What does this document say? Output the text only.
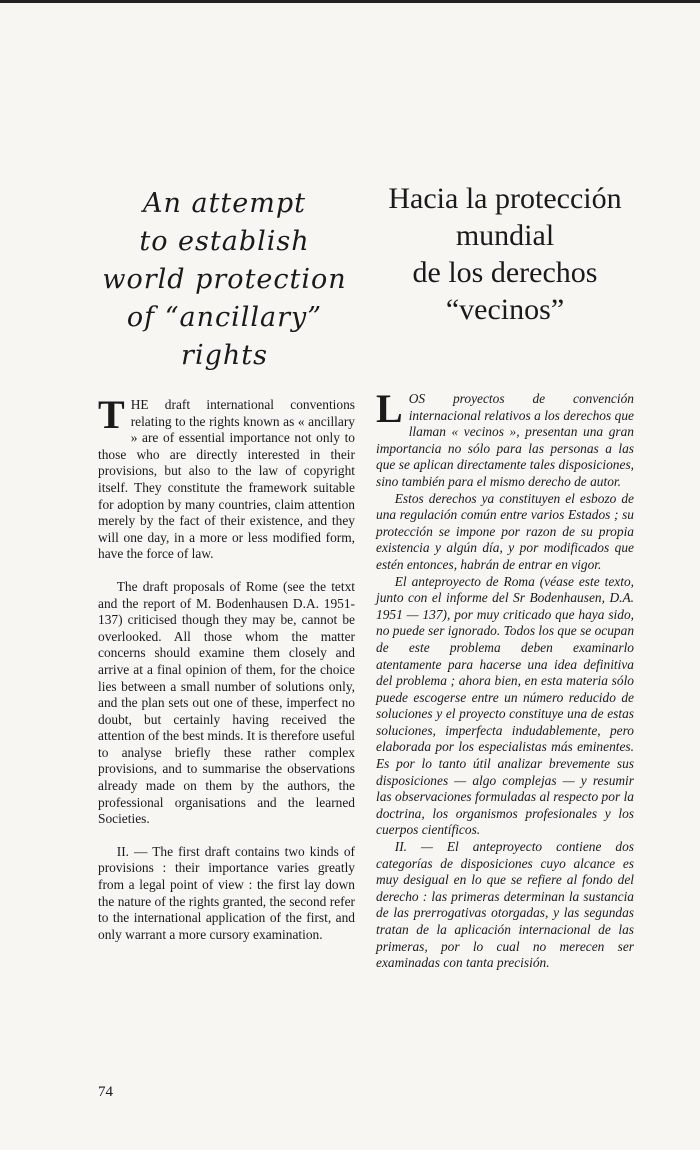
An attempt
to establish
world protection
of “ancillary” rights
Hacia la protección
mundial
de los derechos
“vecinos”

T HE draft international conventions relating to the rights known as « ancillary » are of essential importance not only to those who are directly interested in their provisions, but also to the law of copyright itself. They constitute the framework suitable for adoption by many countries, claim attention merely by the fact of their existence, and they will one day, in a more or less modified form, have the force of law.

The draft proposals of Rome (see the tetxt and the report of M. Bodenhausen D.A. 1951-137) criticised though they may be, cannot be overlooked. All those whom the matter concerns should examine them closely and arrive at a final opinion of them, for the choice lies between a small number of solutions only, and the plan sets out one of these, imperfect no doubt, but certainly having received the attention of the best minds. It is therefore useful to analyse briefly these rather complex provisions, and to summarise the observations already made on them by the authors, the professional organisations and the learned Societies.

II. — The first draft contains two kinds of provisions : their importance varies greatly from a legal point of view : the first lay down the nature of the rights granted, the second refer to the international application of the first, and only warrant a more cursory examination.

L OS proyectos de convención internacional relativos a los derechos que llaman « vecinos », presentan una gran importancia no sólo para las personas a las que se aplican directamente tales disposiciones, sino también para el mismo derecho de autor.

Estos derechos ya constituyen el esbozo de una regulación común entre varios Estados ; su protección se impone por razon de su propia existencia y algún día, y por modificados que estén entonces, habrán de entrar en vigor.

El anteproyecto de Roma (véase este texto, junto con el informe del Sr Bodenhausen, D.A. 1951 — 137), por muy criticado que haya sido, no puede ser ignorado. Todos los que se ocupan de este problema deben examinarlo atentamente para hacerse una idea definitiva del problema ; ahora bien, en esta materia sólo puede escogerse entre un número reducido de soluciones y el proyecto constituye una de estas soluciones, imperfecta indudablemente, pero elaborada por los especialistas más eminentes. Es por lo tanto útil analizar brevemente sus disposiciones — algo complejas — y resumir las observaciones formuladas al respecto por la doctrina, los organismos profesionales y los cuerpos científicos.

II. — El anteproyecto contiene dos categorías de disposiciones cuyo alcance es muy desigual en lo que se refiere al fondo del derecho : las primeras determinan la sustancia de las prerrogativas otorgadas, y las segundas tratan de la aplicación internacional de las primeras, por lo cual no merecen ser examinadas con tanta precisión.

74
